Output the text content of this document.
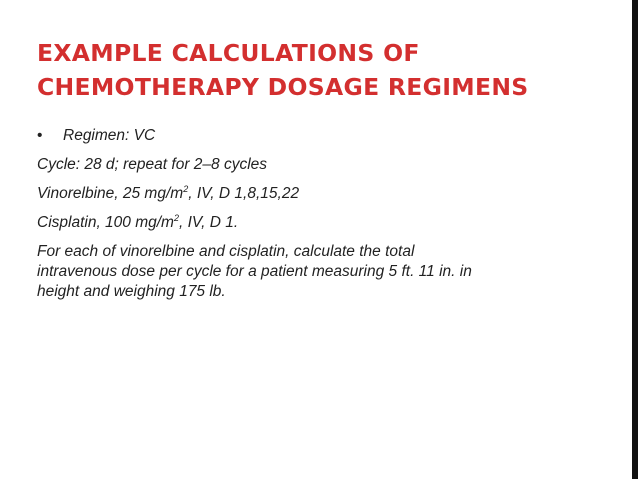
EXAMPLE CALCULATIONS OF
CHEMOTHERAPY DOSAGE REGIMENS
• Regimen: VC

Cycle: 28 d; repeat for 2–8 cycles

Vinorelbine, 25 $mg/m^2$, IV, D 1,8,15,22

Cisplatin, 100 $mg/m^2$, IV, D 1.

For each of vinorelbine and cisplatin, calculate the total

intravenous dose per cycle for a patient measuring 5 ft. 11 in. in

height and weighing 175 lb.
